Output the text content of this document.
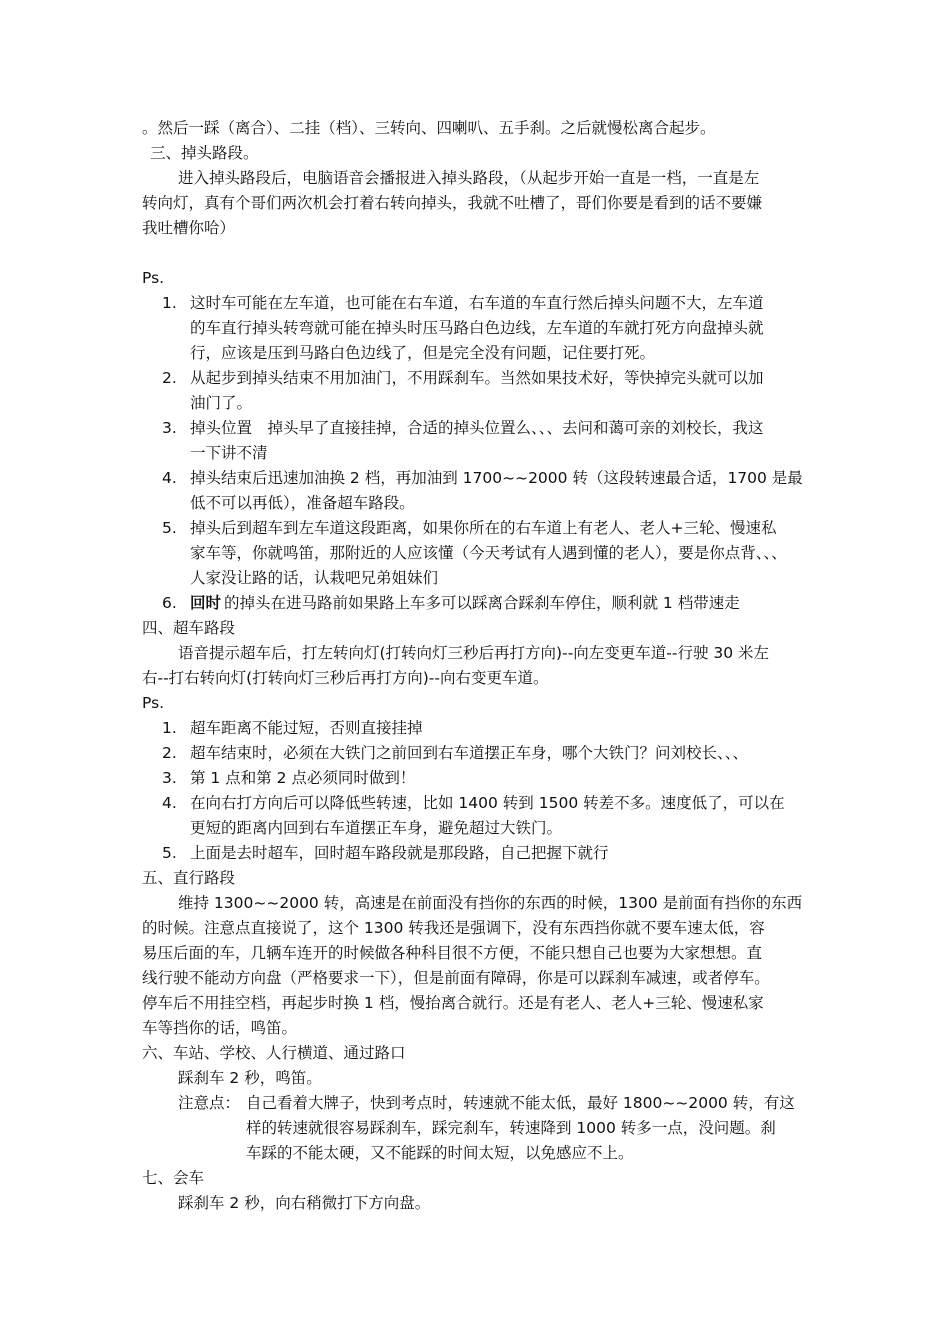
。然后一踩（离合）、二挂（档）、三转向、四喇叭、五手刹。之后就慢松离合起步。
三、掉头路段。
进入掉头路段后，电脑语音会播报进入掉头路段，（从起步开始一直是一档，一直是左
转向灯，真有个哥们两次机会打着右转向掉头，我就不吐槽了，哥们你要是看到的话不要嫌
我吐槽你哈）
Ps.
这时车可能在左车道，也可能在右车道，右车道的车直行然后掉头问题不大，左车道
的车直行掉头转弯就可能在掉头时压马路白色边线，左车道的车就打死方向盘掉头就
行，应该是压到马路白色边线了，但是完全没有问题，记住要打死。
从起步到掉头结束不用加油门，不用踩刹车。当然如果技术好，等快掉完头就可以加
油门了。
掉头位置　掉头早了直接挂掉，合适的掉头位置么、、、去问和蔼可亲的刘校长，我这
一下讲不清
掉头结束后迅速加油换 2 档，再加油到 1700~~2000 转（这段转速最合适，1700 是最
低不可以再低），准备超车路段。
掉头后到超车到左车道这段距离，如果你所在的右车道上有老人、老人+三轮、慢速私
家车等，你就鸣笛，那附近的人应该懂（今天考试有人遇到懂的老人），要是你点背、、、
人家没让路的话，认栽吧兄弟姐妹们
的掉头在进马路前如果路上车多可以踩离合踩刹车停住，顺利就 1 档带速走
四、超车路段
语音提示超车后，打左转向灯(打转向灯三秒后再打方向)--向左变更车道--行驶 30 米左
右--打右转向灯(打转向灯三秒后再打方向)--向右变更车道。
Ps.
超车距离不能过短，否则直接挂掉
超车结束时，必须在大铁门之前回到右车道摆正车身，哪个大铁门？问刘校长、、、
第 1 点和第 2 点必须同时做到！
在向右打方向后可以降低些转速，比如 1400 转到 1500 转差不多。速度低了，可以在
更短的距离内回到右车道摆正车身，避免超过大铁门。
上面是去时超车，回时超车路段就是那段路，自己把握下就行
五、直行路段
维持 1300~~2000 转，高速是在前面没有挡你的东西的时候，1300 是前面有挡你的东西
的时候。注意点直接说了，这个 1300 转我还是强调下，没有东西挡你就不要车速太低，容
易压后面的车，几辆车连开的时候做各种科目很不方便，不能只想自己也要为大家想想。直
线行驶不能动方向盘（严格要求一下），但是前面有障碍，你是可以踩刹车减速，或者停车。
停车后不用挂空档，再起步时换 1 档，慢抬离合就行。还是有老人、老人+三轮、慢速私家
车等挡你的话，鸣笛。
六、车站、学校、人行横道、通过路口
踩刹车 2 秒，鸣笛。
注意点： 自己看着大牌子，快到考点时，转速就不能太低，最好 1800~~2000 转，有这
样的转速就很容易踩刹车，踩完刹车，转速降到 1000 转多一点，没问题。刹
车踩的不能太硬，又不能踩的时间太短，以免感应不上。
七、会车
踩刹车 2 秒，向右稍微打下方向盘。
回时
1.
2.
3.
4.
5.
6.
1.
2.
3.
4.
5.
